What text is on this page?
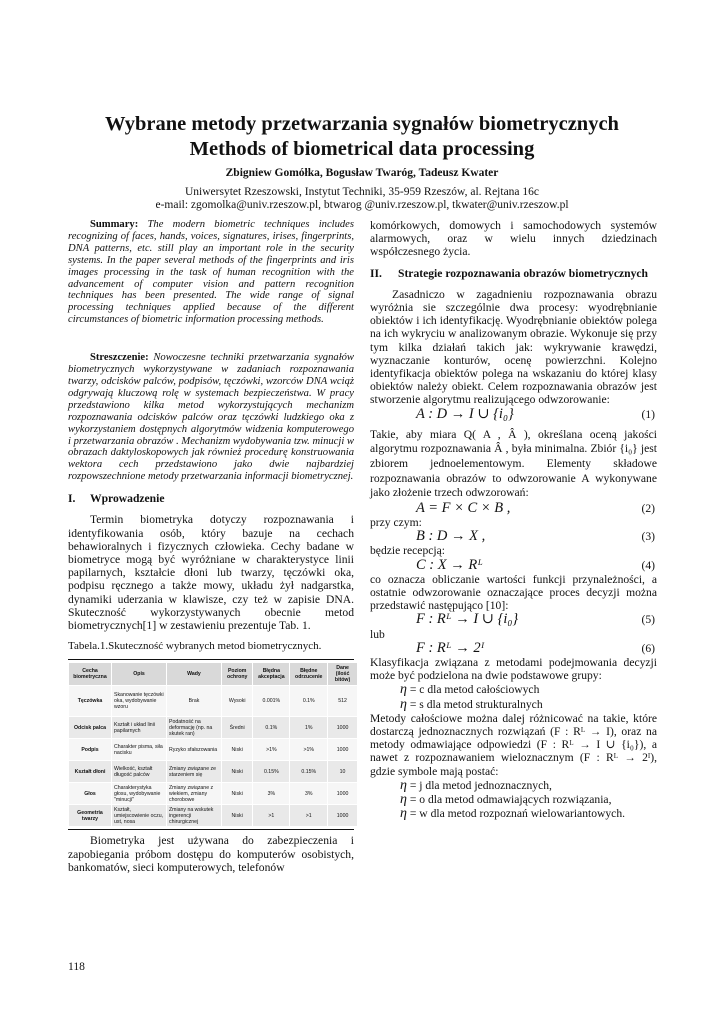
Wybrane metody przetwarzania sygnałów biometrycznych
Methods of biometrical data processing
Zbigniew Gomółka, Bogusław Twaróg, Tadeusz Kwater
Uniwersytet Rzeszowski, Instytut Techniki, 35-959 Rzeszów, al. Rejtana 16c
e-mail: zgomolka@univ.rzeszow.pl, btwarog @univ.rzeszow.pl, tkwater@univ.rzeszow.pl

Summary: The modern biometric techniques includes recognizing of faces, hands, voices, signatures, irises, fingerprints, DNA patterns, etc. still play an important role in the security systems. In the paper several methods of the fingerprints and iris images processing in the task of human recognition with the advancement of computer vision and pattern recognition techniques has been presented. The wide range of signal processing techniques applied because of the different circumstances of biometric information processing methods.

Streszczenie: Nowoczesne techniki przetwarzania sygnałów biometrycznych wykorzystywane w zadaniach rozpoznawania twarzy, odcisków palców, podpisów, tęczówki, wzorców DNA wciąż odgrywają kluczową rolę w systemach bezpieczeństwa. W pracy przedstawiono kilka metod wykorzystujących mechanizm rozpoznawania odcisków palców oraz tęczówki ludzkiego oka z wykorzystaniem dostępnych algorytmów widzenia komputerowego i przetwarzania obrazów . Mechanizm wydobywania tzw. minucji w obrazach daktyloskopowych jak również procedurę konstruowania wektora cech przedstawiono jako dwie najbardziej rozpowszechnione metody przetwarzania informacji biometrycznej.

I. Wprowadzenie

Termin biometryka dotyczy rozpoznawania i identyfikowania osób, który bazuje na cechach behawioralnych i fizycznych człowieka. Cechy badane w biometryce mogą być wyróżniane w charakterystyce linii papilarnych, kształcie dłoni lub twarzy, tęczówki oka, podpisu ręcznego a także mowy, układu żył nadgarstka, dynamiki uderzania w klawisze, czy też w zapisie DNA. Skuteczność wykorzystywanych obecnie metod biometrycznych[1] w zestawieniu prezentuje Tab. 1.

Tabela.1.Skuteczność wybranych metod biometrycznych.

Cecha biometryczna	Opis	Wady	Poziom ochrony	Błędna akceptacja	Błędne odrzucenie	Dane (ilość bitów)
Tęczówka	Skanowanie tęczówki oka, wydobywanie wzoru	Brak	Wysoki	0.001%	0.1%	512
Odcisk palca	Kształt i układ linii papilarnych	Podatność na deformację (np. na skutek ran)	Średni	0.1%	1%	1000
Podpis	Charakter pisma, siła nacisku	Ryzyko sfałszowania	Niski	>1%	>1%	1000
Kształt dłoni	Wielkość, kształt długość palców	Zmiany związane ze starzeniem się	Niski	0.15%	0.15%	10
Głos	Charakterystyka głosu, wydobywanie "minucji"	Zmiany związane z wiekiem, zmiany chorobowe	Niski	3%	3%	1000
Geometria twarzy	Kształt, umiejscowienie oczu, ust, nosa	Zmiany na wskutek ingerencji chirurgicznej	Niski	>1	>1	1000

Biometryka jest używana do zabezpieczenia i zapobiegania próbom dostępu do komputerów osobistych, bankomatów, sieci komputerowych, telefonów

komórkowych, domowych i samochodowych systemów alarmowych, oraz w wielu innych dziedzinach współczesnego życia.

II. Strategie rozpoznawania obrazów biometrycznych

Zasadniczo w zagadnieniu rozpoznawania obrazu wyróżnia sie szczególnie dwa procesy: wyodrębnianie obiektów i ich identyfikację. Wyodrębnianie obiektów polega na ich wykryciu w analizowanym obrazie. Wykonuje się przy tym kilka działań takich jak: wykrywanie krawędzi, wyznaczanie konturów, ocenę powierzchni. Kolejno identyfikacja obiektów polega na wskazaniu do której klasy obiektów należy obiekt. Celem rozpoznawania obrazów jest stworzenie algorytmu realizującego odwzorowanie:

A : D → I ∪ {i₀}	(1)

Takie, aby miara Q( A , Â ), określana oceną jakości algorytmu rozpoznawania Â , była minimalna. Zbiór {i₀} jest zbiorem jednoelementowym. Elementy składowe rozpoznawania obrazów to odwzorowanie A wykonywane jako złożenie trzech odwzorowań:

A = F × C × B ,	(2)

przy czym:

B : D → X ,	(3)

będzie recepcją:

C : X → Rᴸ	(4)

co oznacza obliczanie wartości funkcji przynależności, a ostatnie odwzorowanie oznaczające proces decyzji można przedstawić następująco [10]:

F : Rᴸ → I ∪ {i₀}	(5)

lub

F : Rᴸ → 2ᴵ	(6)

Klasyfikacja związana z metodami podejmowania decyzji może być podzielona na dwie podstawowe grupy:

η = c dla metod całościowych
η = s dla metod strukturalnych

Metody całościowe można dalej różnicować na takie, które dostarczą jednoznacznych rozwiązań (F : Rᴸ → I), oraz na metody odmawiające odpowiedzi (F : Rᴸ → I ∪ {i₀}), a nawet z rozpoznawaniem wieloznacznym (F : Rᴸ → 2ᴵ), gdzie symbole mają postać:

η = j dla metod jednoznacznych,
η = o dla metod odmawiających rozwiązania,
η = w dla metod rozpoznań wielowariantowych.
118
